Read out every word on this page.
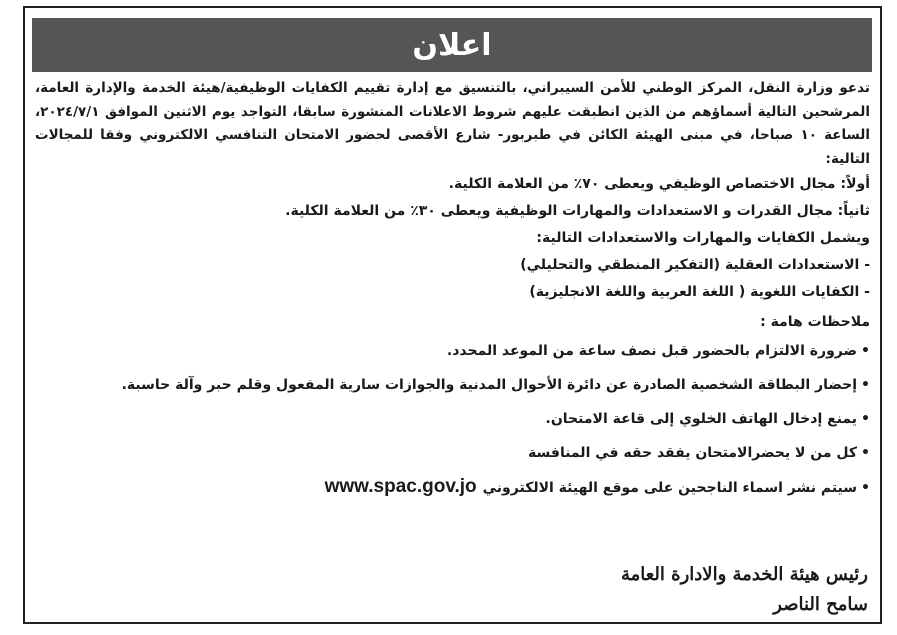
اعلان

تدعو وزارة النقل، المركز الوطني للأمن السيبراني، بالتنسيق مع إدارة تقييم الكفايات الوظيفية/هيئة الخدمة والإدارة العامة، المرشحين التالية أسماؤهم من الذين انطبقت عليهم شروط الاعلانات المنشورة سابقا، التواجد يوم الاثنين الموافق ٢٠٢٤/٧/١، الساعة ١٠ صباحا، في مبنى الهيئة الكائن في طبربور- شارع الأقصى لحضور الامتحان التنافسي الالكتروني وفقا للمجالات التالية:

أولاً: مجال الاختصاص الوظيفي ويعطى ٧٠٪ من العلامة الكلية.

ثانياً: مجال القدرات و الاستعدادات والمهارات الوظيفية ويعطى ٣٠٪ من العلامة الكلية.

ويشمل الكفايات والمهارات والاستعدادات التالية:

- الاستعدادات العقلية (التفكير المنطقي والتحليلي)

- الكفايات اللغوية ( اللغة العربية واللغة الانجليزية)

ملاحظات هامة :

•ضرورة الالتزام بالحضور قبل نصف ساعة من الموعد المحدد.
•إحضار البطاقة الشخصية الصادرة عن دائرة الأحوال المدنية والجوازات سارية المفعول وقلم حبر وآلة حاسبة.
•يمنع إدخال الهاتف الخلوي إلى قاعة الامتحان.
•كل من لا يحضرالامتحان يفقد حقه في المنافسة
•سيتم نشر اسماء الناجحين على موقع الهيئة الالكترونيwww.spac.gov.jo

رئيس هيئة الخدمة والادارة العامة

سامح الناصر
